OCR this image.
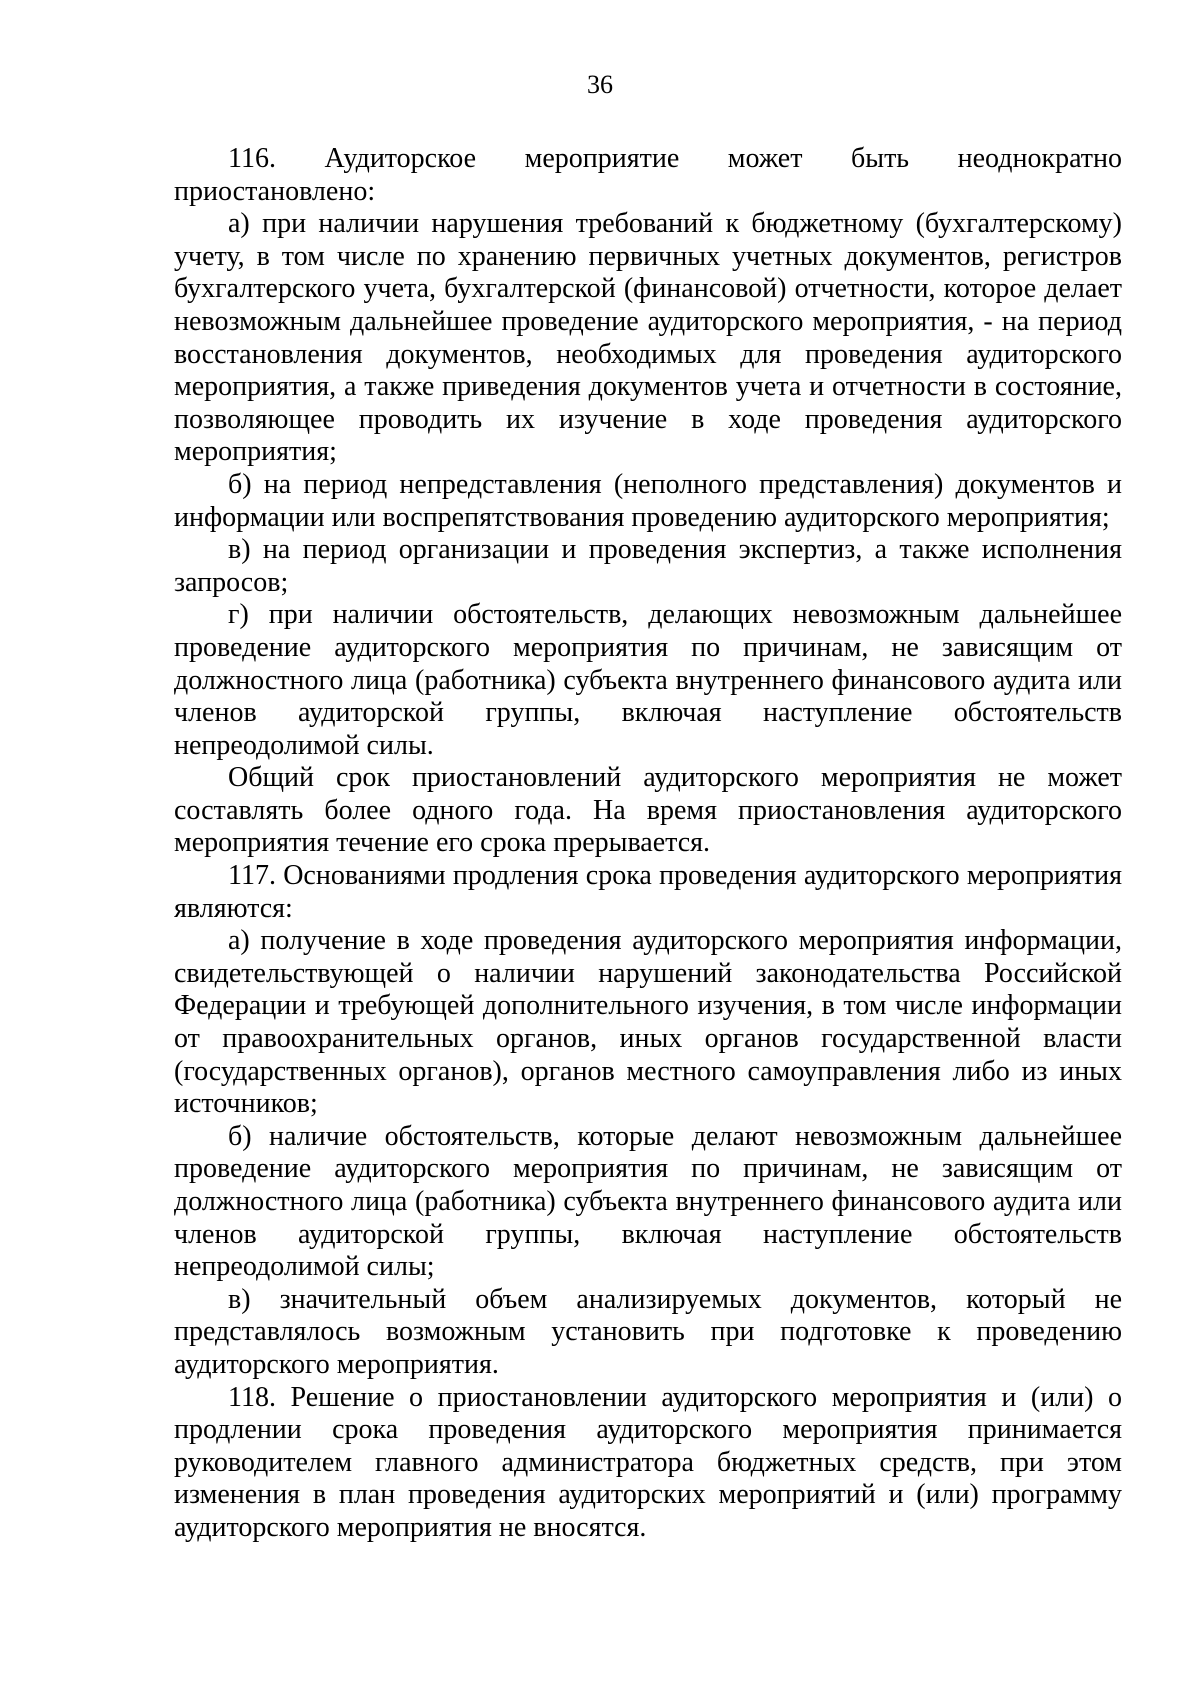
36

116. Аудиторское мероприятие может быть неоднократно приостановлено:

а) при наличии нарушения требований к бюджетному (бухгалтерскому) учету, в том числе по хранению первичных учетных документов, регистров бухгалтерского учета, бухгалтерской (финансовой) отчетности, которое делает невозможным дальнейшее проведение аудиторского мероприятия, - на период восстановления документов, необходимых для проведения аудиторского мероприятия, а также приведения документов учета и отчетности в состояние, позволяющее проводить их изучение в ходе проведения аудиторского мероприятия;

б) на период непредставления (неполного представления) документов и информации или воспрепятствования проведению аудиторского мероприятия;

в) на период организации и проведения экспертиз, а также исполнения запросов;

г) при наличии обстоятельств, делающих невозможным дальнейшее проведение аудиторского мероприятия по причинам, не зависящим от должностного лица (работника) субъекта внутреннего финансового аудита или членов аудиторской группы, включая наступление обстоятельств непреодолимой силы.

Общий срок приостановлений аудиторского мероприятия не может составлять более одного года. На время приостановления аудиторского мероприятия течение его срока прерывается.

117. Основаниями продления срока проведения аудиторского мероприятия являются:

а) получение в ходе проведения аудиторского мероприятия информации, свидетельствующей о наличии нарушений законодательства Российской Федерации и требующей дополнительного изучения, в том числе информации от правоохранительных органов, иных органов государственной власти (государственных органов), органов местного самоуправления либо из иных источников;

б) наличие обстоятельств, которые делают невозможным дальнейшее проведение аудиторского мероприятия по причинам, не зависящим от должностного лица (работника) субъекта внутреннего финансового аудита или членов аудиторской группы, включая наступление обстоятельств непреодолимой силы;

в) значительный объем анализируемых документов, который не представлялось возможным установить при подготовке к проведению аудиторского мероприятия.

118. Решение о приостановлении аудиторского мероприятия и (или) о продлении срока проведения аудиторского мероприятия принимается руководителем главного администратора бюджетных средств, при этом изменения в план проведения аудиторских мероприятий и (или) программу аудиторского мероприятия не вносятся.
